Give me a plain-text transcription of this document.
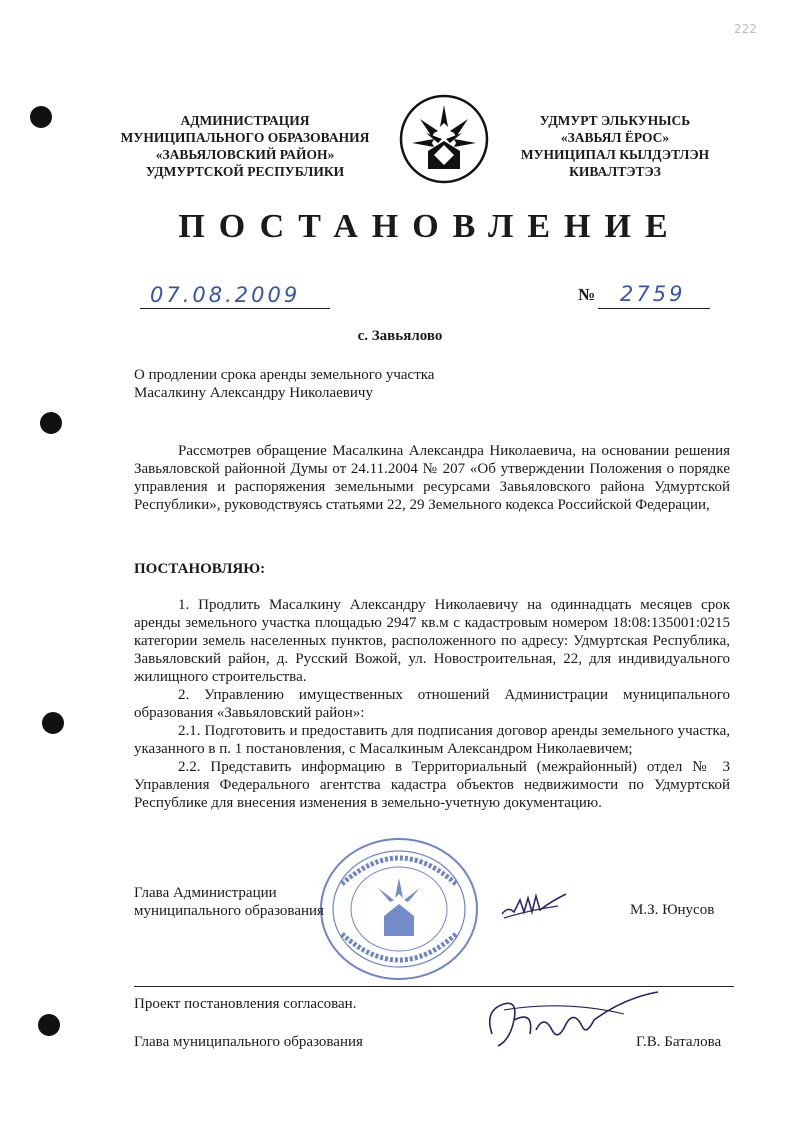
222
АДМИНИСТРАЦИЯ
МУНИЦИПАЛЬНОГО ОБРАЗОВАНИЯ
«ЗАВЬЯЛОВСКИЙ РАЙОН»
УДМУРТСКОЙ РЕСПУБЛИКИ
УДМУРТ ЭЛЬКУНЫСЬ
«ЗАВЬЯЛ ЁРОС»
МУНИЦИПАЛ КЫЛДЭТЛЭН
КИВАЛТЭТЭЗ
ПОСТАНОВЛЕНИЕ
07.08.2009	№ 2759
с. Завьялово
О продлении срока аренды земельного участка
Масалкину Александру Николаевичу
Рассмотрев обращение Масалкина Александра Николаевича, на основании решения Завьяловской районной Думы от 24.11.2004 № 207 «Об утверждении Положения о порядке управления и распоряжения земельными ресурсами Завьяловского района Удмуртской Республики», руководствуясь статьями 22, 29 Земельного кодекса Российской Федерации,
ПОСТАНОВЛЯЮ:

1. Продлить Масалкину Александру Николаевичу на одиннадцать месяцев срок аренды земельного участка площадью 2947 кв.м с кадастровым номером 18:08:135001:0215 категории земель населенных пунктов, расположенного по адресу: Удмуртская Республика, Завьяловский район, д. Русский Вожой, ул. Новостроительная, 22, для индивидуального жилищного строительства.

2. Управлению имущественных отношений Администрации муниципального образования «Завьяловский район»:

2.1. Подготовить и предоставить для подписания договор аренды земельного участка, указанного в п. 1 постановления, с Масалкиным Александром Николаевичем;

2.2. Представить информацию в Территориальный (межрайонный) отдел № 3 Управления Федерального агентства кадастра объектов недвижимости по Удмуртской Республике для внесения изменения в земельно-учетную документацию.

Глава Администрации
муниципального образования	М.З. Юнусов
Проект постановления согласован.
Глава муниципального образования	Г.В. Баталова
